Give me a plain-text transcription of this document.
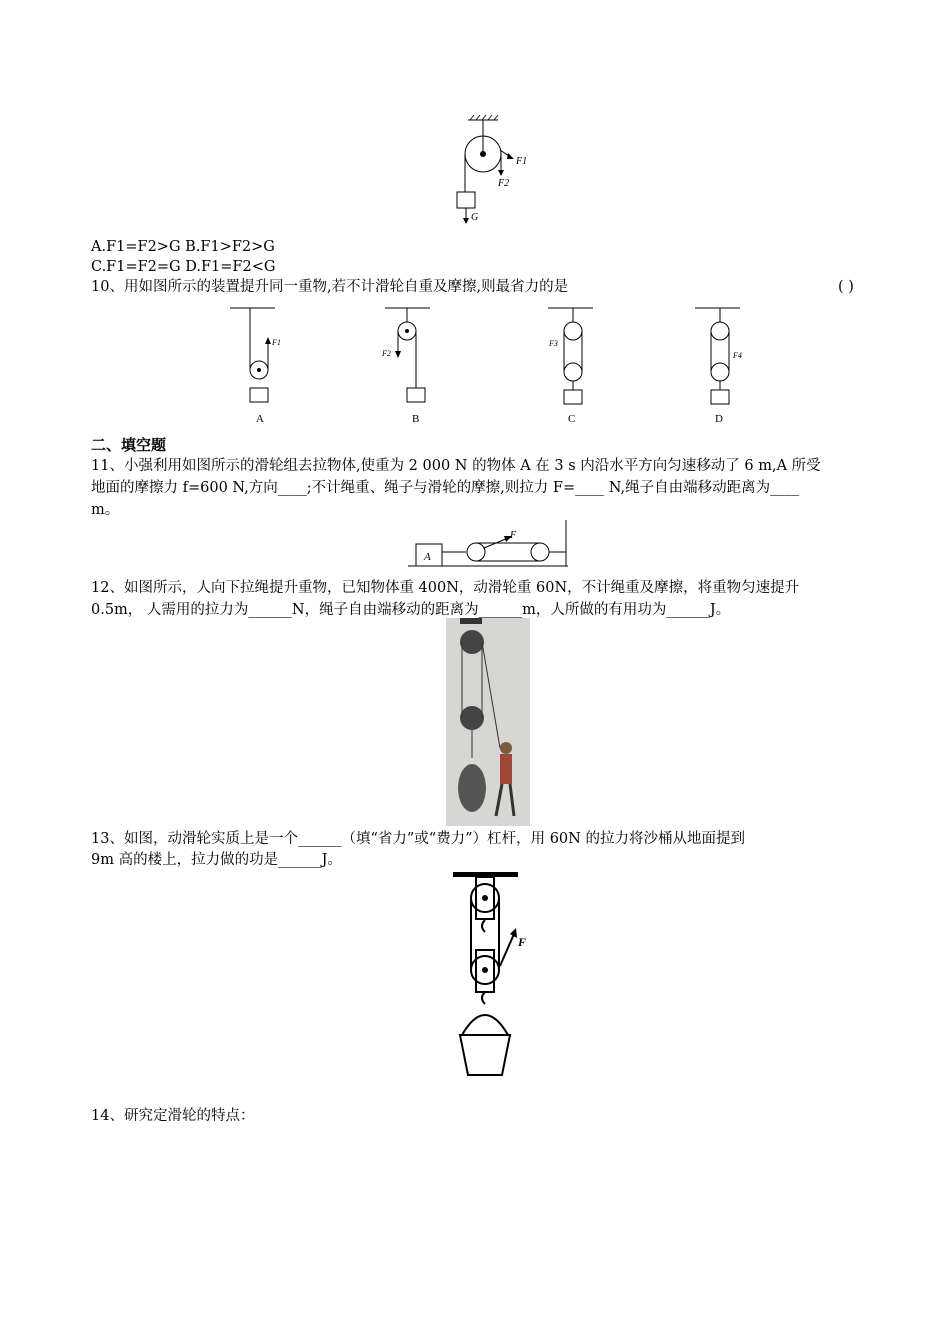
F1
F2
G
A.F1=F2>G B.F1>F2>G
C.F1=F2=G D.F1=F2<G
10、用如图所示的装置提升同一重物,若不计滑轮自重及摩擦,则最省力的是	( )
F1
A
F2
B
F3
C
F4
D
二、填空题
11、小强利用如图所示的滑轮组去拉物体,使重为 2 000 N 的物体 A 在 3 s 内沿水平方向匀速移动了 6 m,A 所受
地面的摩擦力 f=600 N,方向____;不计绳重、绳子与滑轮的摩擦,则拉力 F=____ N,绳子自由端移动距离为____
m。
A
F
12、如图所示，人向下拉绳提升重物，已知物体重 400N，动滑轮重 60N，不计绳重及摩擦，将重物匀速提升
0.5m， 人需用的拉力为______N，绳子自由端移动的距离为______m，人所做的有用功为______J。
13、如图，动滑轮实质上是一个______（填“省力”或“费力”）杠杆，用 60N 的拉力将沙桶从地面提到
9m 高的楼上，拉力做的功是______J。
F
14、研究定滑轮的特点：
